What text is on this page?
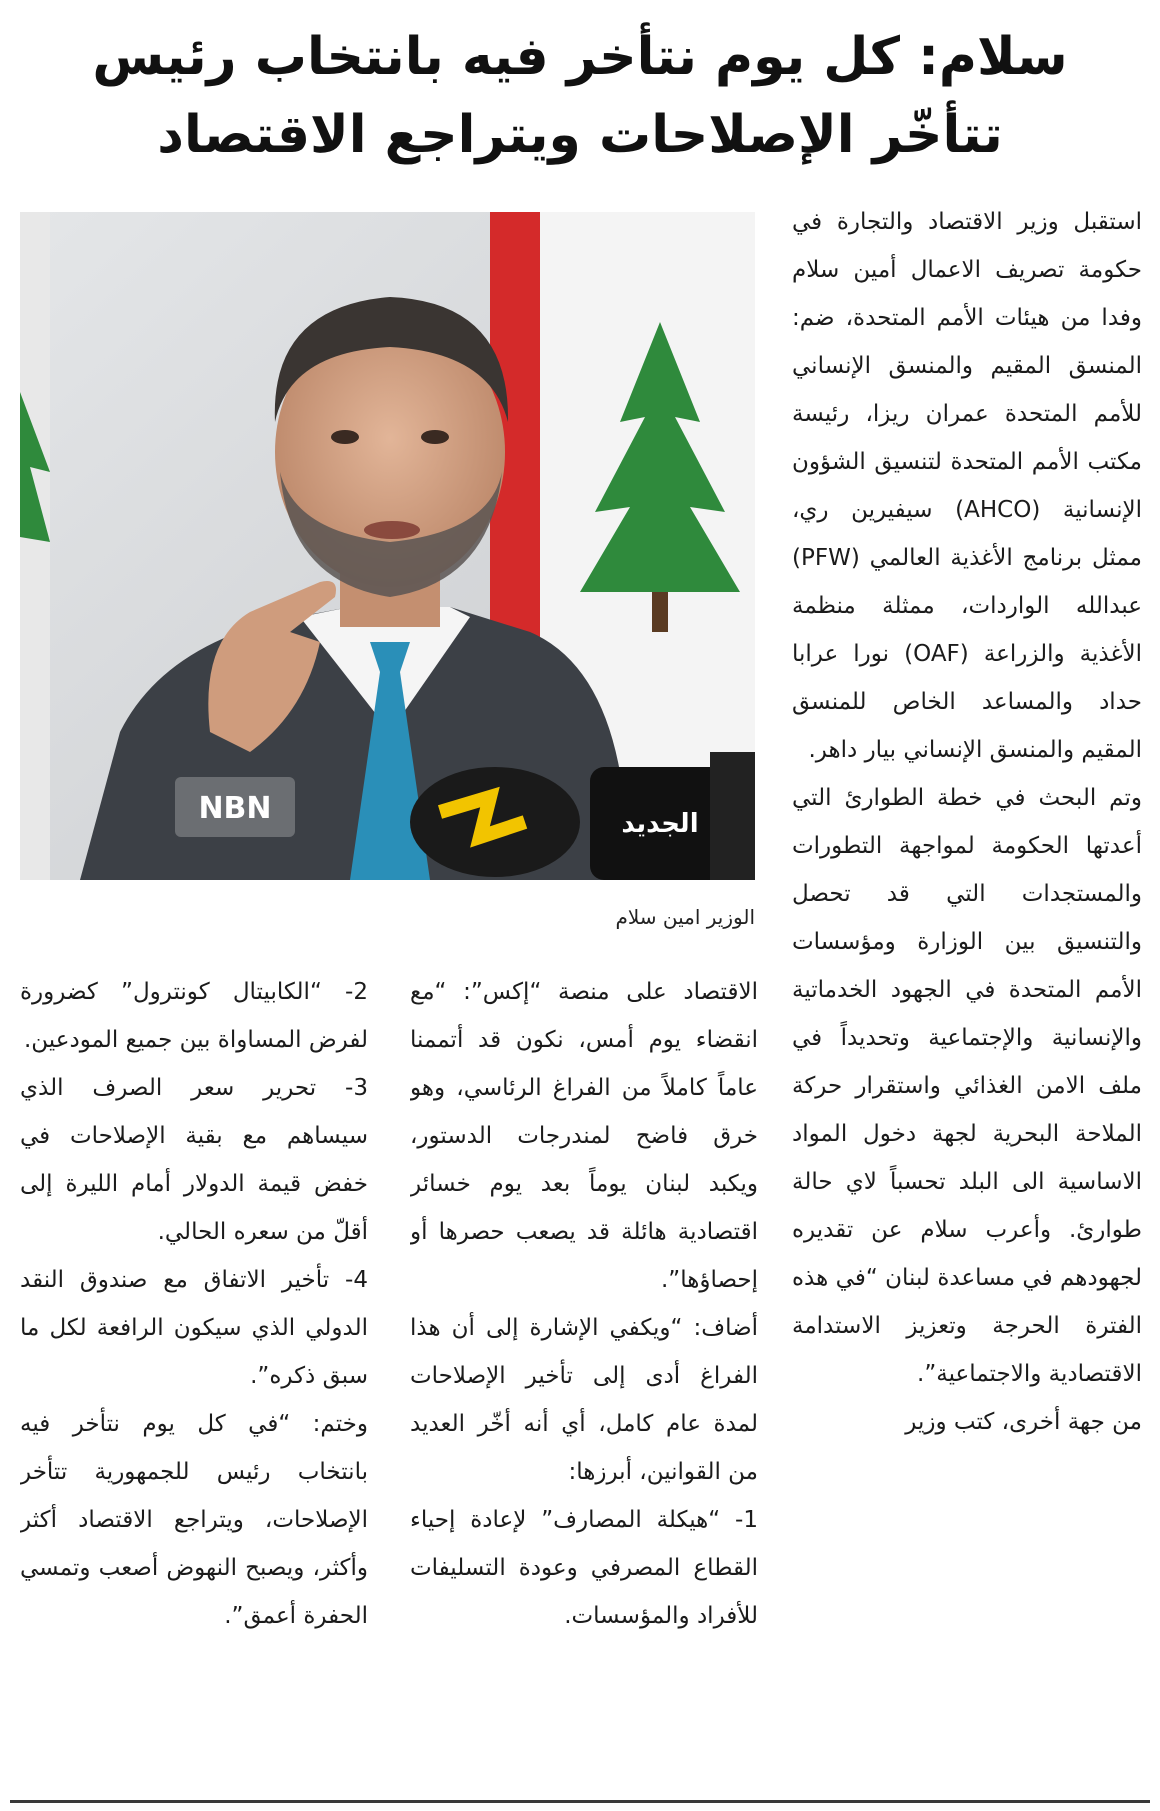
سلام: كل يوم نتأخر فيه بانتخاب رئيس
تتأخّر الإصلاحات ويتراجع الاقتصاد

استقبل وزير الاقتصاد والتجارة في حكومة تصريف الاعمال أمين سلام وفدا من هيئات الأمم المتحدة، ضم: المنسق المقيم والمنسق الإنساني للأمم المتحدة عمران ريزا، رئيسة مكتب الأمم المتحدة لتنسيق الشؤون الإنسانية (AHCO) سيفيرين ري، ممثل برنامج الأغذية العالمي (PFW) عبدالله الواردات، ممثلة منظمة الأغذية والزراعة (OAF) نورا عرابا حداد والمساعد الخاص للمنسق المقيم والمنسق الإنساني بيار داهر.

وتم البحث في خطة الطوارئ التي أعدتها الحكومة لمواجهة التطورات والمستجدات التي قد تحصل والتنسيق بين الوزارة ومؤسسات الأمم المتحدة في الجهود الخدماتية والإنسانية والإجتماعية وتحديداً في ملف الامن الغذائي واستقرار حركة الملاحة البحرية لجهة دخول المواد الاساسية الى البلد تحسباً لاي حالة طوارئ. وأعرب سلام عن تقديره لجهودهم في مساعدة لبنان “في هذه الفترة الحرجة وتعزيز الاستدامة الاقتصادية والاجتماعية”.

من جهة أخرى، كتب وزير

NBN	الجديد
الوزير امين سلام

الاقتصاد على منصة “إكس”: “مع انقضاء يوم أمس، نكون قد أتممنا عاماً كاملاً من الفراغ الرئاسي، وهو خرق فاضح لمندرجات الدستور، ويكبد لبنان يوماً بعد يوم خسائر اقتصادية هائلة قد يصعب حصرها أو إحصاؤها”.

أضاف: “ويكفي الإشارة إلى أن هذا الفراغ أدى إلى تأخير الإصلاحات لمدة عام كامل، أي أنه أخّر العديد من القوانين، أبرزها:

1- “هيكلة المصارف” لإعادة إحياء القطاع المصرفي وعودة التسليفات للأفراد والمؤسسات.

2- “الكابيتال كونترول” كضرورة لفرض المساواة بين جميع المودعين.

3- تحرير سعر الصرف الذي سيساهم مع بقية الإصلاحات في خفض قيمة الدولار أمام الليرة إلى أقلّ من سعره الحالي.

4- تأخير الاتفاق مع صندوق النقد الدولي الذي سيكون الرافعة لكل ما سبق ذكره”.

وختم: “في كل يوم نتأخر فيه بانتخاب رئيس للجمهورية تتأخر الإصلاحات، ويتراجع الاقتصاد أكثر وأكثر، ويصبح النهوض أصعب وتمسي الحفرة أعمق”.
